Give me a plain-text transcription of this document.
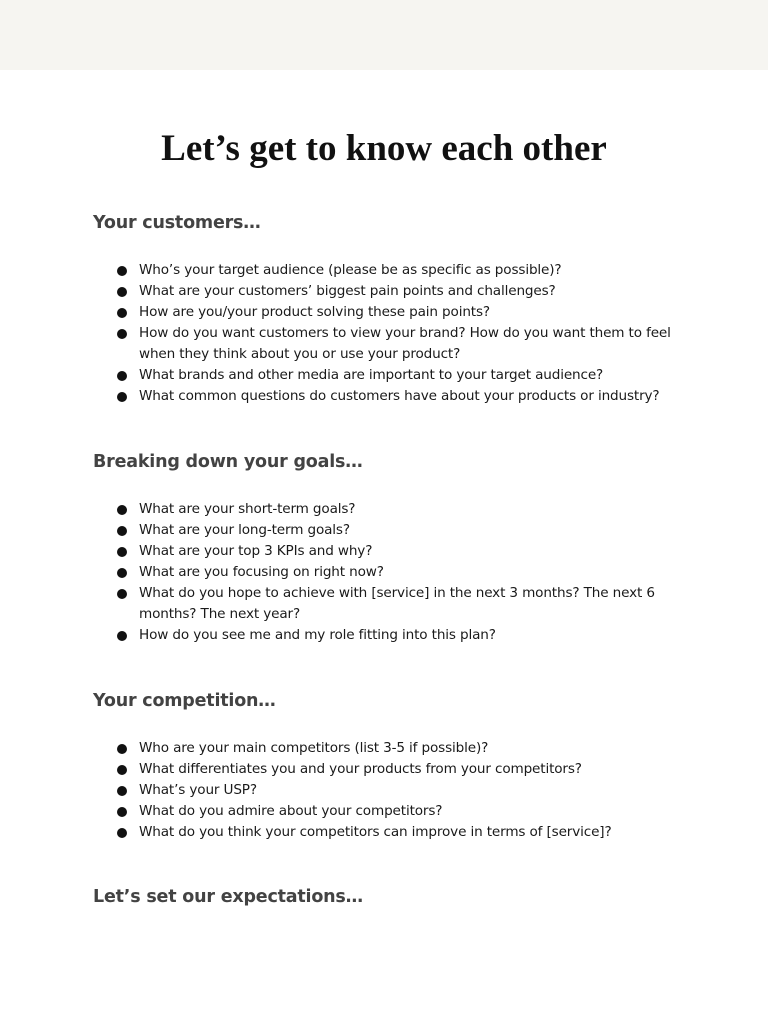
Let’s get to know each other
Your customers…
Who’s your target audience (please be as specific as possible)?
What are your customers’ biggest pain points and challenges?
How are you/your product solving these pain points?
How do you want customers to view your brand? How do you want them to feel when they think about you or use your product?
What brands and other media are important to your target audience?
What common questions do customers have about your products or industry?
Breaking down your goals…
What are your short-term goals?
What are your long-term goals?
What are your top 3 KPIs and why?
What are you focusing on right now?
What do you hope to achieve with [service] in the next 3 months? The next 6 months? The next year?
How do you see me and my role fitting into this plan?
Your competition…
Who are your main competitors (list 3-5 if possible)?
What differentiates you and your products from your competitors?
What’s your USP?
What do you admire about your competitors?
What do you think your competitors can improve in terms of [service]?
Let’s set our expectations…
